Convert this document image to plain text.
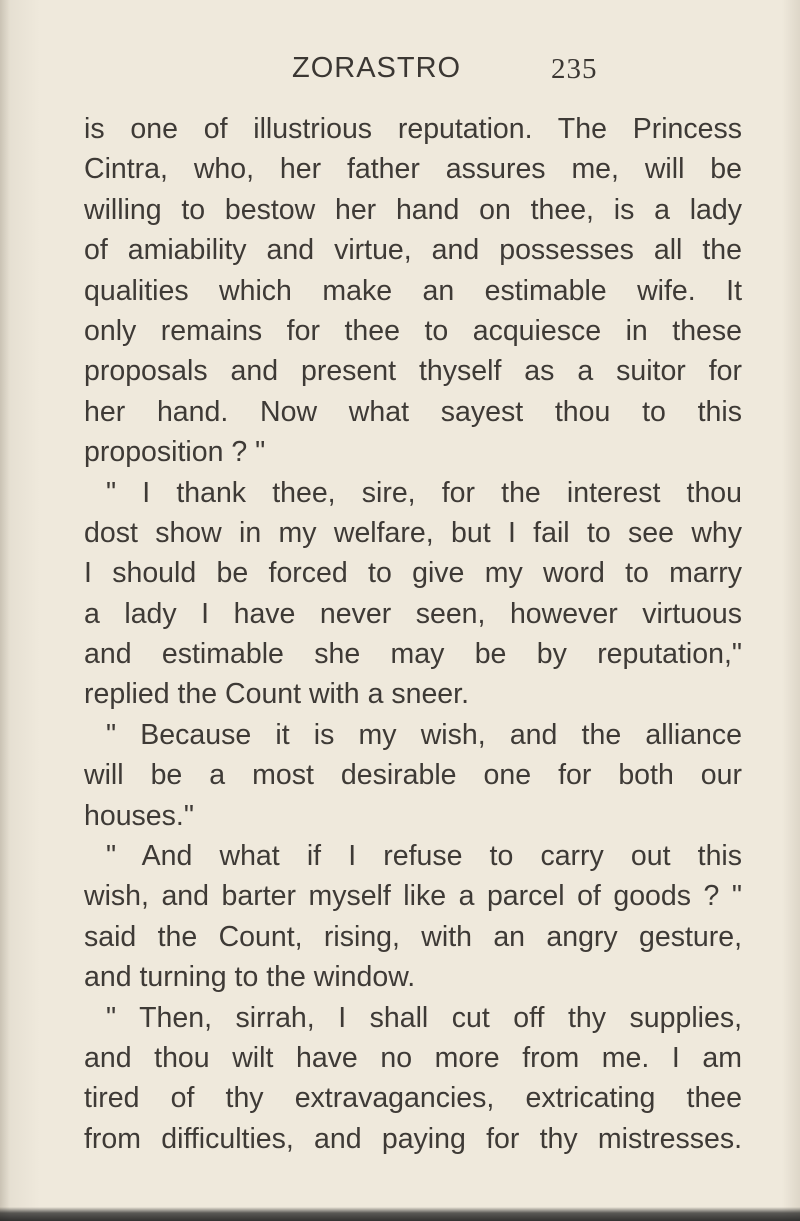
ZORASTRO	235
is one of illustrious reputation. The Princess
Cintra, who, her father assures me, will be
willing to bestow her hand on thee, is a lady
of amiability and virtue, and possesses all the
qualities which make an estimable wife. It
only remains for thee to acquiesce in these
proposals and present thyself as a suitor for
her hand. Now what sayest thou to this
proposition ? "
" I thank thee, sire, for the interest thou
dost show in my welfare, but I fail to see why
I should be forced to give my word to marry
a lady I have never seen, however virtuous
and estimable she may be by reputation,"
replied the Count with a sneer.
" Because it is my wish, and the alliance
will be a most desirable one for both our
houses."
" And what if I refuse to carry out this
wish, and barter myself like a parcel of goods ? "
said the Count, rising, with an angry gesture,
and turning to the window.
" Then, sirrah, I shall cut off thy supplies,
and thou wilt have no more from me. I am
tired of thy extravagancies, extricating thee
from difficulties, and paying for thy mistresses.
